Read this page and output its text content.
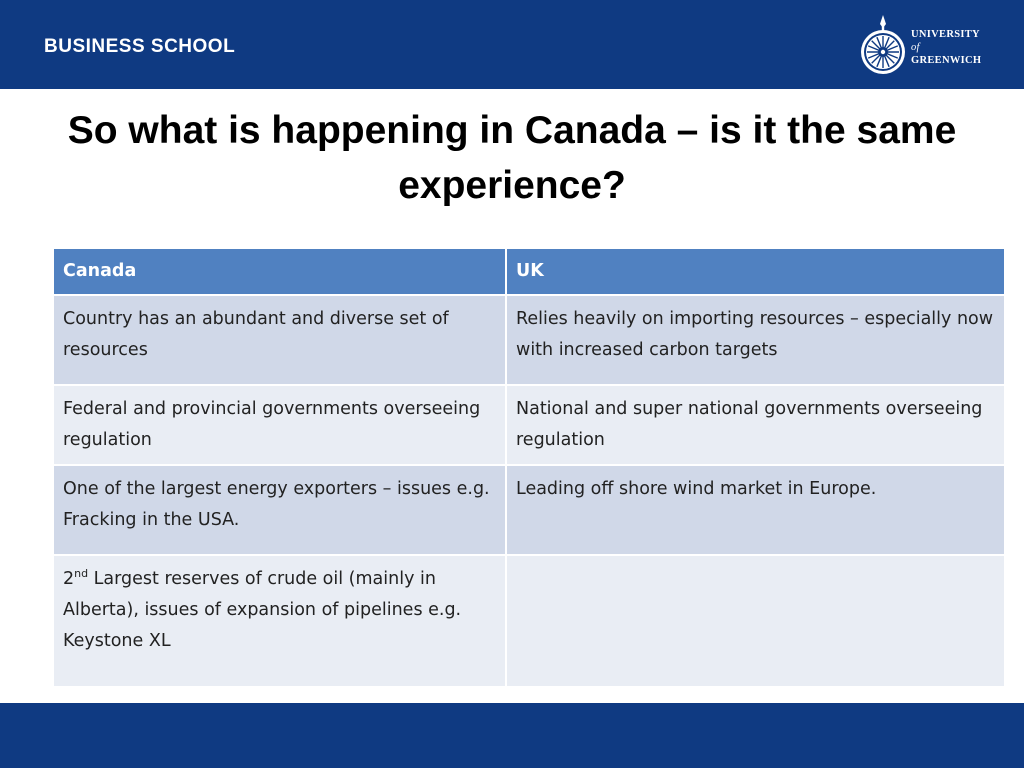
BUSINESS SCHOOL
UNIVERSITY
of
GREENWICH
So what is happening in Canada – is it the same experience?
Canada	UK
Country has an abundant and diverse set of resources	Relies heavily on importing resources – especially now with increased carbon targets
Federal and provincial governments overseeing regulation	National and super national governments overseeing regulation
One of the largest energy exporters – issues e.g. Fracking in the USA.	Leading off shore wind market in Europe.
2nd Largest reserves of crude oil (mainly in Alberta), issues of expansion of pipelines e.g. Keystone XL	
